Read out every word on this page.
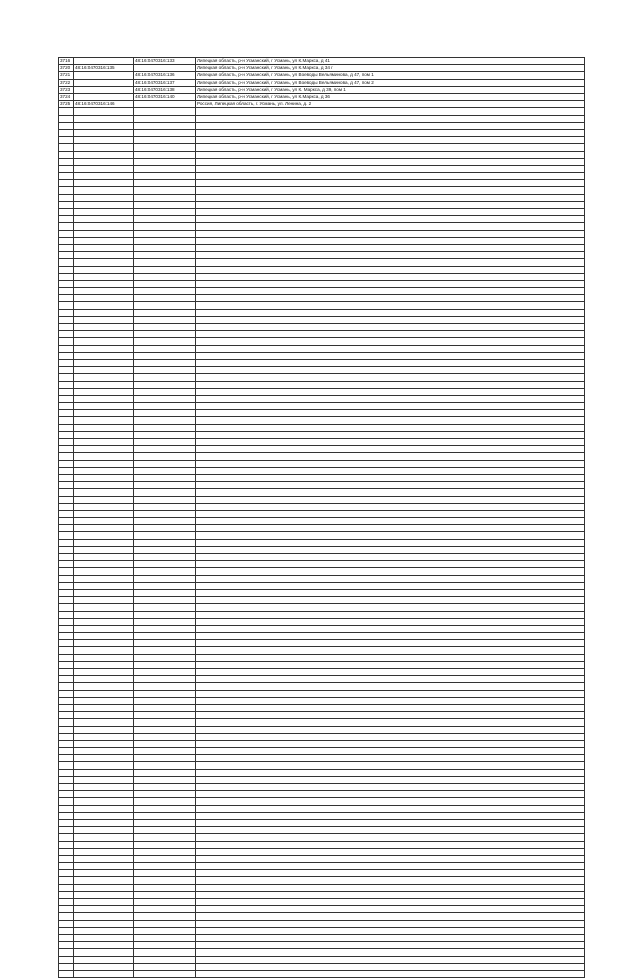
3716		48:16:0470316:133	Липецкая область, р-н Усманский, г Усмань, ул К.Маркса, д 41
3720	48:16:0470316:135		Липецкая область, р-н Усманский, г Усмань, ул К.Маркса, д 34 г
3721		48:16:0470316:136	Липецкая область, р-н Усманский, г Усмань, ул Воеводы Вельяминова, д 47, пом 1
3722		48:16:0470316:137	Липецкая область, р-н Усманский, г Усмань, ул Воеводы Вельяминова, д 47, пом 2
3723		48:16:0470316:138	Липецкая область, р-н Усманский, г Усмань, ул К. Маркса, д 39, пом 1
3724		48:16:0470316:140	Липецкая область, р-н Усманский, г Усмань, ул К.Маркса, д 36
3725	48:16:0470316:146		Россия, Липецкая область, г. Усмань, ул. Ленина, д. 2
